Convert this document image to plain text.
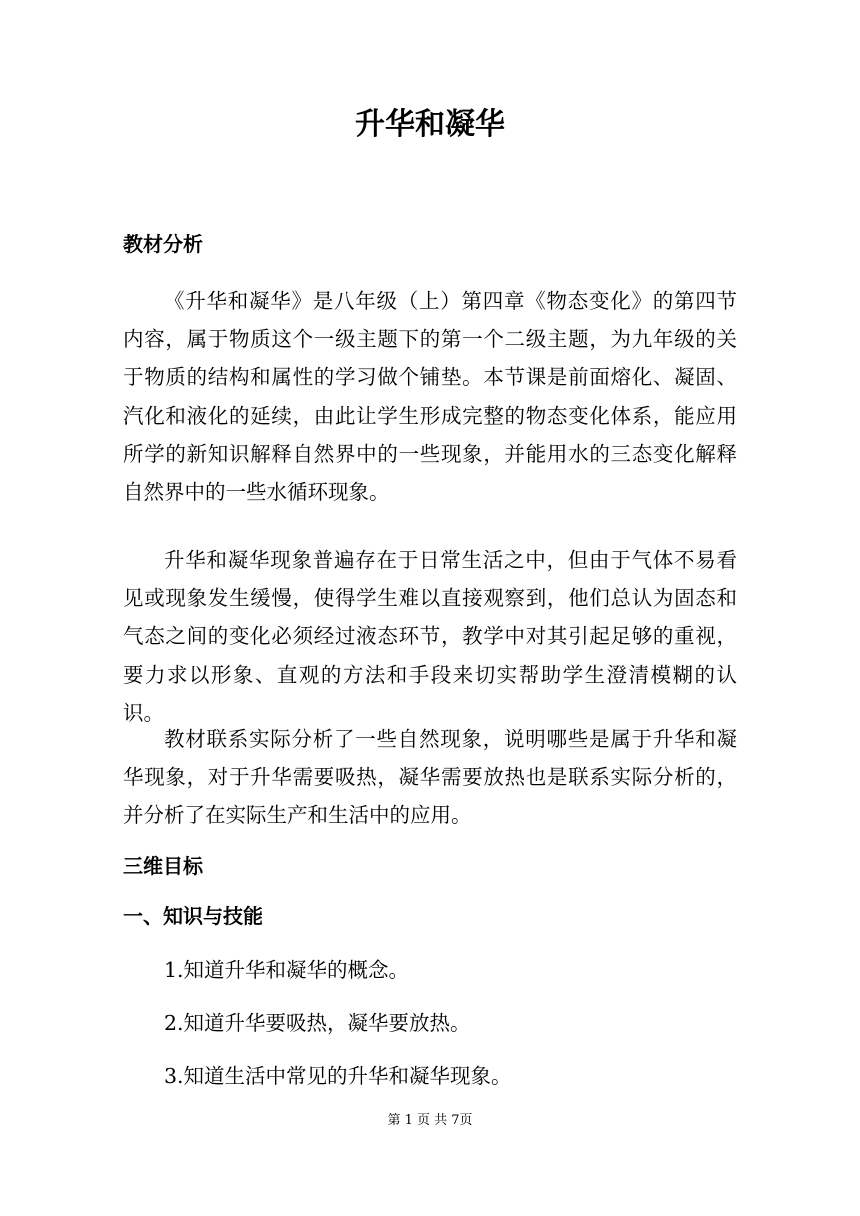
升华和凝华
教材分析

《升华和凝华》是八年级（上）第四章《物态变化》的第四节内容，属于物质这个一级主题下的第一个二级主题，为九年级的关于物质的结构和属性的学习做个铺垫。本节课是前面熔化、凝固、汽化和液化的延续，由此让学生形成完整的物态变化体系，能应用所学的新知识解释自然界中的一些现象，并能用水的三态变化解释自然界中的一些水循环现象。

升华和凝华现象普遍存在于日常生活之中，但由于气体不易看见或现象发生缓慢，使得学生难以直接观察到，他们总认为固态和气态之间的变化必须经过液态环节，教学中对其引起足够的重视，要力求以形象、直观的方法和手段来切实帮助学生澄清模糊的认识。

教材联系实际分析了一些自然现象，说明哪些是属于升华和凝华现象，对于升华需要吸热，凝华需要放热也是联系实际分析的，并分析了在实际生产和生活中的应用。

三维目标
一、知识与技能

1.知道升华和凝华的概念。

2.知道升华要吸热，凝华要放热。

3.知道生活中常见的升华和凝华现象。

第 1 页 共 7页
